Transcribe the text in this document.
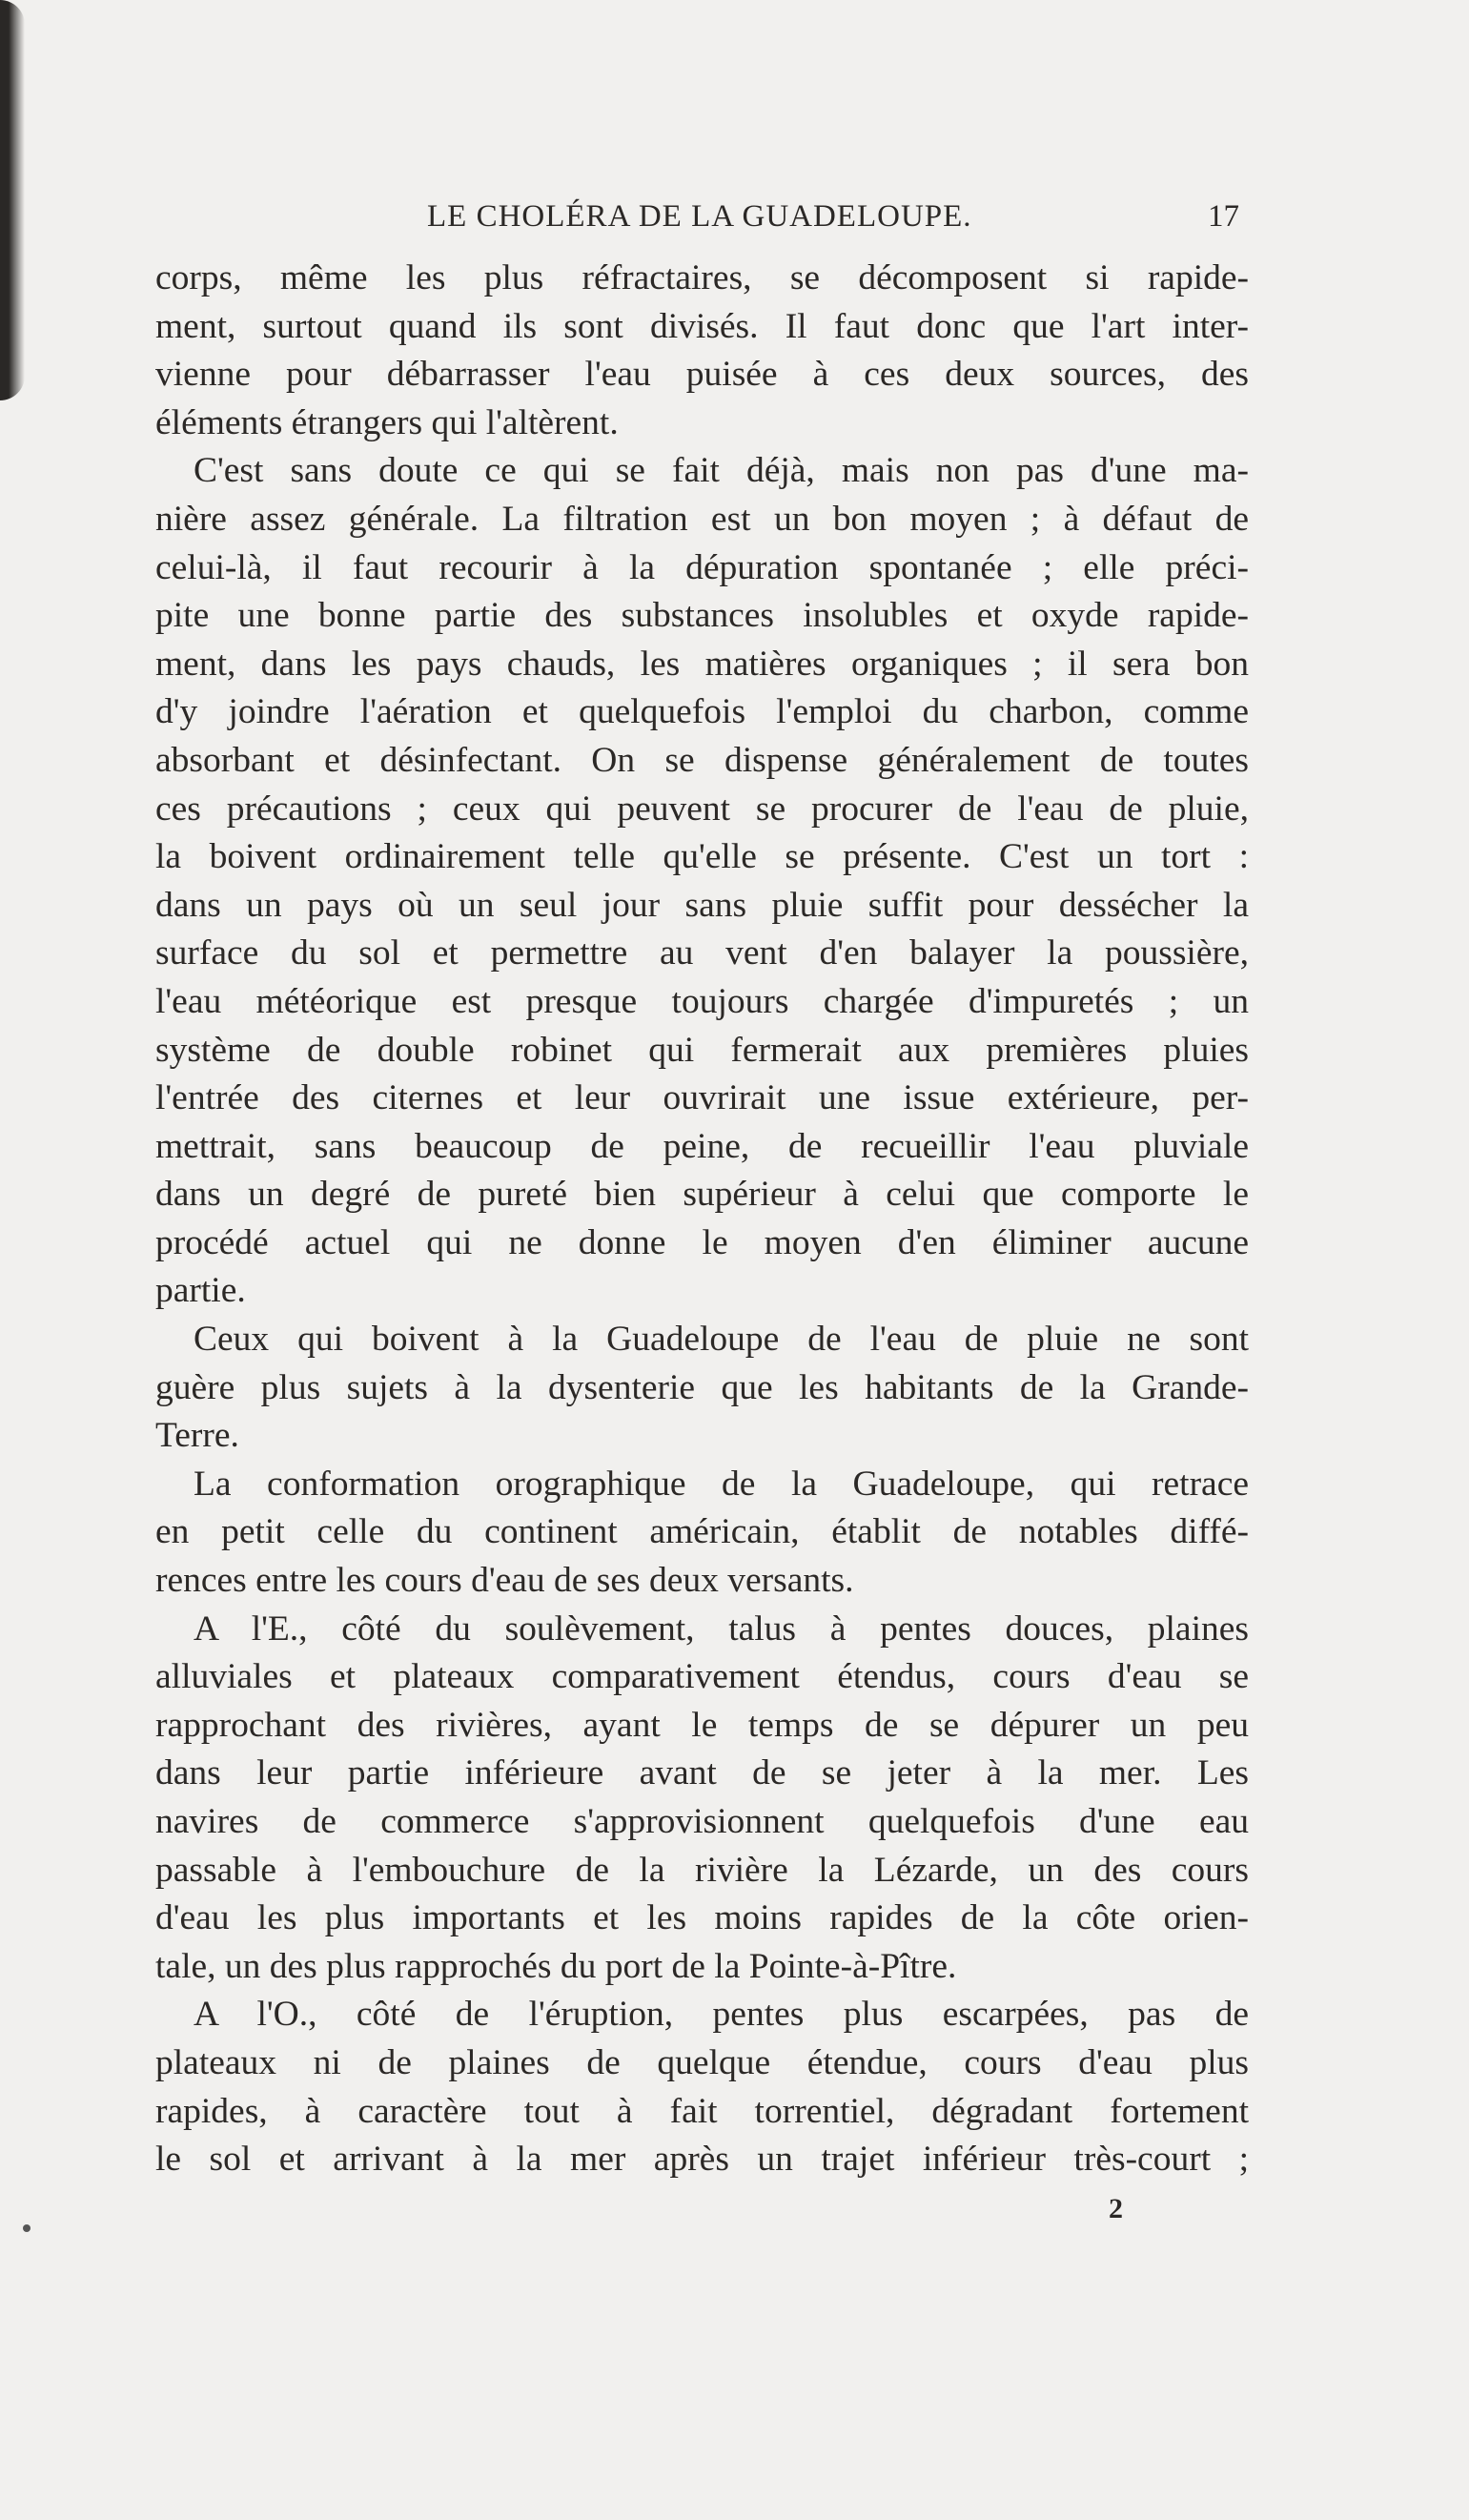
LE CHOLÉRA DE LA GUADELOUPE.	17
corps, même les plus réfractaires, se décomposent si rapide-
ment, surtout quand ils sont divisés. Il faut donc que l'art inter-
vienne pour débarrasser l'eau puisée à ces deux sources, des
éléments étrangers qui l'altèrent.
C'est sans doute ce qui se fait déjà, mais non pas d'une ma-
nière assez générale. La filtration est un bon moyen ; à défaut de
celui-là, il faut recourir à la dépuration spontanée ; elle préci-
pite une bonne partie des substances insolubles et oxyde rapide-
ment, dans les pays chauds, les matières organiques ; il sera bon
d'y joindre l'aération et quelquefois l'emploi du charbon, comme
absorbant et désinfectant. On se dispense généralement de toutes
ces précautions ; ceux qui peuvent se procurer de l'eau de pluie,
la boivent ordinairement telle qu'elle se présente. C'est un tort :
dans un pays où un seul jour sans pluie suffit pour dessécher la
surface du sol et permettre au vent d'en balayer la poussière,
l'eau météorique est presque toujours chargée d'impuretés ; un
système de double robinet qui fermerait aux premières pluies
l'entrée des citernes et leur ouvrirait une issue extérieure, per-
mettrait, sans beaucoup de peine, de recueillir l'eau pluviale
dans un degré de pureté bien supérieur à celui que comporte le
procédé actuel qui ne donne le moyen d'en éliminer aucune
partie.
Ceux qui boivent à la Guadeloupe de l'eau de pluie ne sont
guère plus sujets à la dysenterie que les habitants de la Grande-
Terre.
La conformation orographique de la Guadeloupe, qui retrace
en petit celle du continent américain, établit de notables diffé-
rences entre les cours d'eau de ses deux versants.
A l'E., côté du soulèvement, talus à pentes douces, plaines
alluviales et plateaux comparativement étendus, cours d'eau se
rapprochant des rivières, ayant le temps de se dépurer un peu
dans leur partie inférieure avant de se jeter à la mer. Les
navires de commerce s'approvisionnent quelquefois d'une eau
passable à l'embouchure de la rivière la Lézarde, un des cours
d'eau les plus importants et les moins rapides de la côte orien-
tale, un des plus rapprochés du port de la Pointe-à-Pître.
A l'O., côté de l'éruption, pentes plus escarpées, pas de
plateaux ni de plaines de quelque étendue, cours d'eau plus
rapides, à caractère tout à fait torrentiel, dégradant fortement
le sol et arrivant à la mer après un trajet inférieur très-court ;
2
